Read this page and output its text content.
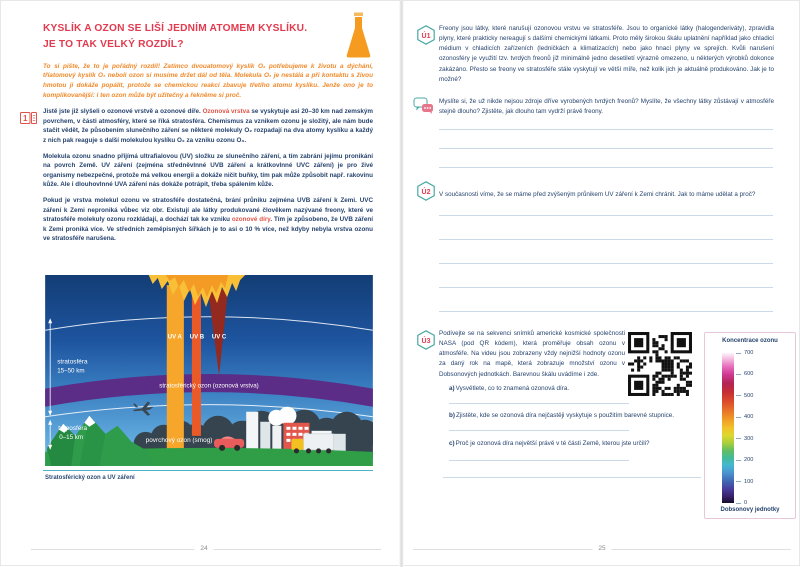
1
KYSLÍK A OZON SE LIŠÍ JEDNÍM ATOMEM KYSLÍKU.
JE TO TAK VELKÝ ROZDÍL?

To si pište, že to je pořádný rozdíl! Zatímco dvouatomový kyslík O₂ potřebujeme k životu a dýchání, tříatomový kyslík O₃ neboli ozon si musíme držet dál od těla. Molekula O₃ je nestálá a při kontaktu s živou hmotou ji dokáže popálit, protože se chemickou reakcí zbavuje třetího atomu kyslíku. Jenže ono je to komplikovanější: i ten ozon může být užitečný a řekněme si proč.

Jistě jste již slyšeli o ozonové vrstvě a ozonové díře. Ozonová vrstva se vyskytuje asi 20–30 km nad zemským povrchem, v části atmosféry, které se říká stratosféra. Chemismus za vznikem ozonu je složitý, ale nám bude stačit vědět, že působením slunečního záření se některé molekuly O₂ rozpadají na dva atomy kyslíku a každý z nich pak reaguje s další molekulou kyslíku O₂ za vzniku ozonu O₃.

Molekula ozonu snadno přijímá ultrafialovou (UV) složku ze slunečního záření, a tím zabrání jejímu pronikání na povrch Země. UV záření (zejména středněvlnné UVB záření a krátkovlnné UVC záření) je pro živé organismy nebezpečné, protože má velkou energii a dokáže ničit buňky, tím pak může způsobit např. rakovinu kůže. Ale i dlouhovlnné UVA záření nás dokáže potrápit, třeba spálením kůže.

Pokud je vrstva molekul ozonu ve stratosféře dostatečná, brání průniku zejména UVB záření k Zemi. UVC záření k Zemi neproniká vůbec viz obr. Existují ale látky produkované člověkem nazývané freony, které ve stratosféře molekuly ozonu rozkládají, a dochází tak ke vzniku ozonové díry. Tím je způsobeno, že UVB záření k Zemi proniká více. Ve středních zeměpisných šířkách je to asi o 10 % více, než kdyby nebyla vrstva ozonu ve stratosféře narušena.

stratosférický ozon (ozonová vrstva)
povrchový ozon (smog)
stratosféra
15–50 km
troposféra
0–15 km
UV A UV B UV C
Stratosférický ozon a UV záření
24
Ú1

Freony jsou látky, které narušují ozonovou vrstvu ve stratosféře. Jsou to organické látky (halogenderiváty), zpravidla plyny, které prakticky nereagují s dalšími chemickými látkami. Proto měly širokou škálu uplatnění například jako chladicí médium v chladicích zařízeních (ledničkách a klimatizacích) nebo jako hnací plyny ve sprejích. Kvůli narušení ozonosféry je využití tzv. tvrdých freonů již minimálně jedno desetiletí výrazně omezeno, u některých výrobků dokonce zakázáno. Přesto se freony ve stratosféře stále vyskytují ve větší míře, než kolik jich je aktuálně produkováno. Jak je to možné?

Myslíte si, že už nikde nejsou zdroje dříve vyrobených tvrdých freonů? Myslíte, že všechny látky zůstávají v atmosféře stejně dlouho? Zjistěte, jak dlouho tam vydrží právě freony.

Ú2 V současnosti víme, že se máme před zvýšeným průnikem UV záření k Zemi chránit. Jak to máme udělat a proč?

Ú3

Podívejte se na sekvenci snímků americké kosmické společnosti NASA (pod QR kódem), která proměřuje obsah ozonu v atmosféře. Na videu jsou zobrazeny vždy nejnižší hodnoty ozonu za daný rok na mapě, která zobrazuje množství ozonu v Dobsonových jednotkách. Barevnou škálu uvádíme i zde.

a)Vysvětlete, co to znamená ozonová díra.
b)Zjistěte, kde se ozonová díra nejčastěji vyskytuje s použitím barevné stupnice.
c)Proč je ozonová díra největší právě v té části Země, kterou jste určili?
Koncentrace ozonu
700
600
500
400
300
200
100
0
Dobsonovy jednotky
25
